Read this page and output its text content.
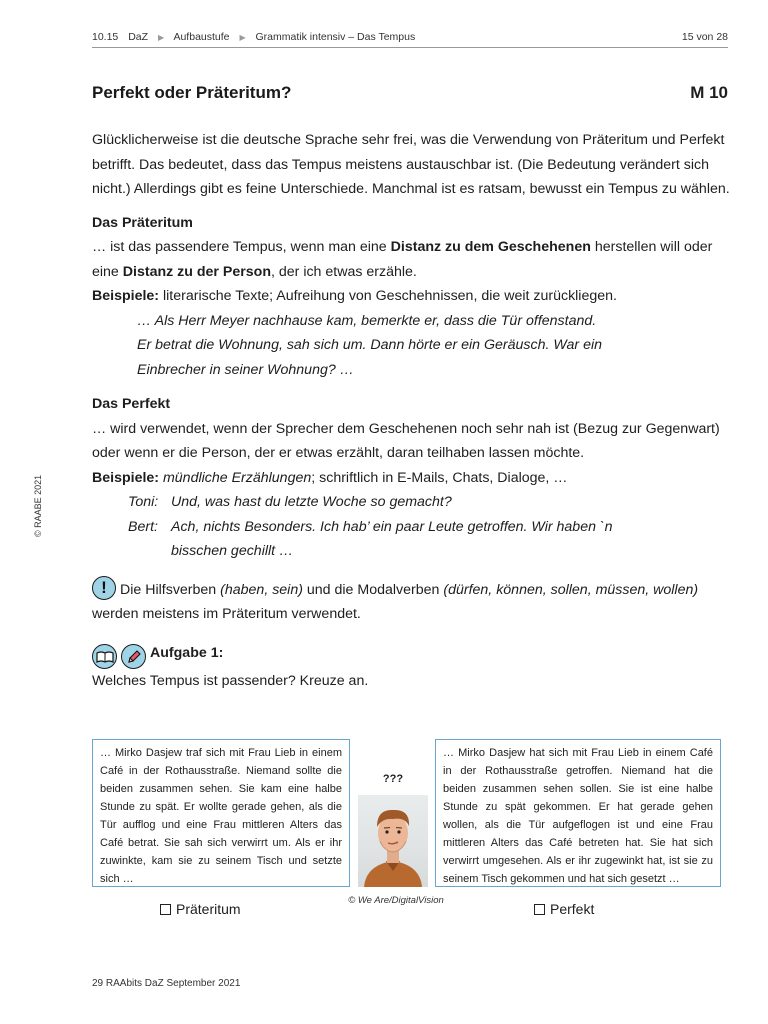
10.15 DaZ ▶ Aufbaustufe ▶ Grammatik intensiv – Das Tempus	15 von 28
© RAABE 2021
Perfekt oder Präteritum?	M 10

Glücklicherweise ist die deutsche Sprache sehr frei, was die Verwendung von Präteritum und Perfekt betrifft. Das bedeutet, dass das Tempus meistens austauschbar ist. (Die Bedeutung verändert sich nicht.) Allerdings gibt es feine Unterschiede. Manchmal ist es ratsam, bewusst ein Tempus zu wählen.

Das Präteritum

… ist das passendere Tempus, wenn man eine Distanz zu dem Geschehenen herstellen will oder eine Distanz zu der Person, der ich etwas erzähle.

Beispiele: literarische Texte; Aufreihung von Geschehnissen, die weit zurückliegen.

… Als Herr Meyer nachhause kam, bemerkte er, dass die Tür offenstand.

Er betrat die Wohnung, sah sich um. Dann hörte er ein Geräusch. War ein

Einbrecher in seiner Wohnung? …

Das Perfekt

… wird verwendet, wenn der Sprecher dem Geschehenen noch sehr nah ist (Bezug zur Gegenwart) oder wenn er die Person, der er etwas erzählt, daran teilhaben lassen möchte.

Beispiele: mündliche Erzählungen; schriftlich in E-Mails, Chats, Dialoge, …

Toni: Und, was hast du letzte Woche so gemacht?
Bert: Ach, nichts Besonders. Ich hab’ ein paar Leute getroffen. Wir haben `n
bisschen gechillt …

!Die Hilfsverben (haben, sein) und die Modalverben (dürfen, können, sollen, müssen, wollen) werden meistens im Präteritum verwendet.

Aufgabe 1:

Welches Tempus ist passender? Kreuze an.

… Mirko Dasjew traf sich mit Frau Lieb in einem Café in der Rothausstraße. Niemand sollte die beiden zusammen sehen. Sie kam eine halbe Stunde zu spät. Er wollte gerade gehen, als die Tür aufflog und eine Frau mittleren Alters das Café betrat. Sie sah sich verwirrt um. Als er ihr zuwinkte, kam sie zu seinem Tisch und setzte sich …
… Mirko Dasjew hat sich mit Frau Lieb in einem Café in der Rothausstraße getroffen. Niemand hat die beiden zusammen sehen sollen. Sie ist eine halbe Stunde zu spät gekommen. Er hat gerade gehen wollen, als die Tür aufgeflogen ist und eine Frau mittleren Alters das Café betreten hat. Sie hat sich verwirrt umgesehen. Als er ihr zugewinkt hat, ist sie zu seinem Tisch gekommen und hat sich gesetzt …
???
© We Are/DigitalVision
Präteritum	Perfekt
29 RAAbits DaZ September 2021
